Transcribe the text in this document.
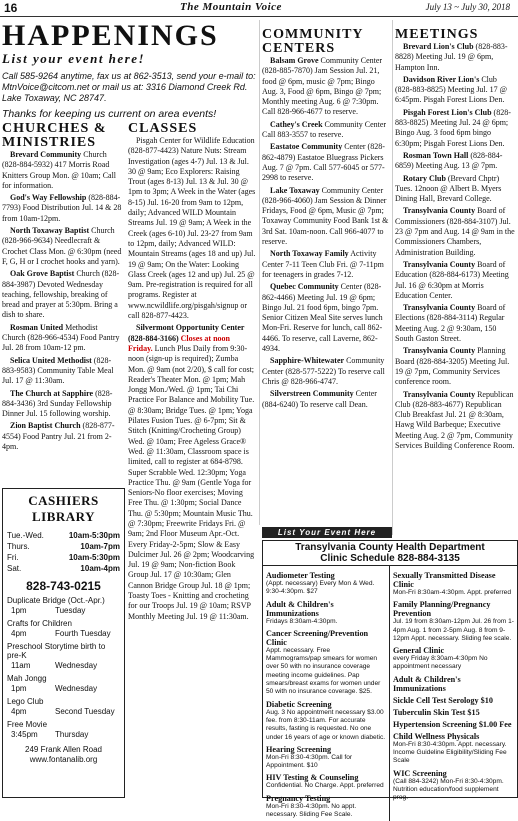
16	The Mountain Voice	July 13 ~ July 30, 2018
HAPPENINGS
List your event here!

Call 585-9264 anytime, fax us at 862-3513, send your e-mail to: MtnVoice@citcom.net or mail us at: 3316 Diamond Creek Rd. Lake Toxaway, NC 28747.

Thanks for keeping us current on area events!

CHURCHES & MINISTRIES

Brevard Community Church (828-884-5932) 417 Morris Road Knitters Group Mon. @ 10am; Call for information.

God's Way Fellowship (828-884-7793) Food Distribution Jul. 14 & 28 from 10am-12pm.

North Toxaway Baptist Church (828-966-9634) Needlecraft & Crochet Class Mon. @ 6:30pm (need F, G, H or I crochet hooks and yarn).

Oak Grove Baptist Church (828-884-3987) Devoted Wednesday teaching, fellowship, breaking of bread and prayer at 5:30pm. Bring a dish to share.

Rosman United Methodist Church (828-966-4534) Food Pantry Jul. 28 from 10am-12 pm.

Selica United Methodist (828-883-9583) Community Table Meal Jul. 17 @ 11:30am.

The Church at Sapphire (828-884-3436) 3rd Sunday Fellowship Dinner Jul. 15 following worship.

Zion Baptist Church (828-877-4554) Food Pantry Jul. 21 from 2-4pm.

CLASSES

Pisgah Center for Wildlife Education (828-877-4423) Nature Nuts: Stream Investigation (ages 4-7) Jul. 13 & Jul. 30 @ 9am; Eco Explorers: Raising Trout (ages 8-13) Jul. 13 & Jul. 30 @ 1pm to 3pm; A Week in the Water (ages 8-15) Jul. 16-20 from 9am to 12pm, daily; Advanced WILD Mountain Streams Jul. 19 @ 9am; A Week in the Creek (ages 6-10) Jul. 23-27 from 9am to 12pm, daily; Advanced WILD: Mountain Streams (ages 18 and up) Jul. 19 @ 9am; On the Water: Looking Glass Creek (ages 12 and up) Jul. 25 @ 9am. Pre-registration is required for all programs. Register at www.ncwildlife.org/pisgah/signup or call 828-877-4423.

Silvermont Opportunity Center (828-884-3166) Closes at noon Friday. Lunch Plus Daily from 9:30-noon (sign-up is required); Zumba Mon. @ 9am (not 2/20), $ call for cost; Reader's Theater Mon. @ 1pm; Mah Jongg Mon./Wed. @ 1pm; Tai Chi Practice For Balance and Mobility Tue. @ 8:30am; Bridge Tues. @ 1pm; Yoga Pilates Fusion Tues. @ 6-7pm; Sit & Stitch (Knitting/Crocheting Group) Wed. @ 10am; Free Ageless Grace® Wed. @ 11:30am, Classroom space is limited, call to register at 684-8798. Super Scrabble Wed. 12:30pm; Yoga Practice Thu. @ 9am (Gentle Yoga for Seniors-No floor exercises; Moving Free Thu. @ 1:30pm; Social Dance Thu. @ 5:30pm; Mountain Music Thu. @ 7:30pm; Freewrite Fridays Fri. @ 9am; 2nd Floor Museum Apr.-Oct. Every Friday-2-5pm; Slow & Easy Dulcimer Jul. 26 @ 2pm; Woodcarving Jul. 19 @ 9am; Non-fiction Book Group Jul. 17 @ 10:30am; Glen Cannon Bridge Group Jul. 18 @ 1pm; Toasty Toes - Knitting and crocheting for our Troops Jul. 19 @ 10am; RSVP Monthly Meeting Jul. 19 @ 11:30am.

COMMUNITY CENTERS

Balsam Grove Community Center (828-885-7870) Jam Session Jul. 21, food @ 6pm, music @ 7pm; Bingo Aug. 3, Food @ 6pm, Bingo @ 7pm; Monthly meeting Aug. 6 @ 7:30pm. Call 828-966-4677 to reserve.

Cathey's Creek Community Center Call 883-3557 to reserve.

Eastatoe Community Center (828-862-4879) Eastatoe Bluegrass Pickers Aug. 7 @ 7pm. Call 577-6045 or 577-2998 to reserve.

Lake Toxaway Community Center (828-966-4060) Jam Session & Dinner Fridays, Food @ 6pm, Music @ 7pm; Toxaway Community Food Bank 1st & 3rd Sat. 10am-noon. Call 966-4077 to reserve.

North Toxaway Family Activity Center 7-11 Teen Club Fri. @ 7-11pm for teenagers in grades 7-12.

Quebec Community Center (828-862-4466) Meeting Jul. 19 @ 6pm; Bingo Jul. 21 food 6pm, bingo 7pm. Senior Citizen Meal Site serves lunch Mon-Fri. Reserve for lunch, call 862-4466. To reserve, call Laverne, 862-4934.

Sapphire-Whitewater Community Center (828-577-5222) To reserve call Chris @ 828-966-4747.

Silverstreen Community Center (884-6240) To reserve call Dean.

List Your Event Here
MEETINGS

Brevard Lion's Club (828-883-8828) Meeting Jul. 19 @ 6pm, Hampton Inn.

Davidson River Lion's Club (828-883-8825) Meeting Jul. 17 @ 6:45pm. Pisgah Forest Lions Den.

Pisgah Forest Lion's Club (828-883-8825) Meeting Jul. 24 @ 6pm; Bingo Aug. 3 food 6pm bingo 6:30pm; Pisgah Forest Lions Den.

Rosman Town Hall (828-884-6859) Meeting Aug. 13 @ 7pm.

Rotary Club (Brevard Chptr) Tues. 12noon @ Albert B. Myers Dining Hall, Brevard College.

Transylvania County Board of Commissioners (828-884-3107) Jul. 23 @ 7pm and Aug. 14 @ 9am in the Commissioners Chambers, Administration Building.

Transylvania County Board of Education (828-884-6173) Meeting Jul. 16 @ 6:30pm at Morris Education Center.

Transylvania County Board of Elections (828-884-3114) Regular Meeting Aug. 2 @ 9:30am, 150 South Gaston Street.

Transylvania County Planning Board (828-884-3205) Meeting Jul. 19 @ 7pm, Community Services conference room.

Transylvania County Republican Club (828-883-4677) Republican Club Breakfast Jul. 21 @ 8:30am, Hawg Wild Barbeque; Executive Meeting Aug. 2 @ 7pm, Community Services Building Conference Room.

CASHIERS LIBRARY
Tue.-Wed.	10am-5:30pm
Thurs.	10am-7pm
Fri.	10am-5:30pm
Sat.	10am-4pm
828-743-0215
Duplicate Bridge (Oct.-Apr.)
1pm	Tuesday
Crafts for Children
4pm	Fourth Tuesday
Preschool Storytime birth to pre-K
11am	Wednesday
Mah Jongg
1pm	Wednesday
Lego Club
4pm	Second Tuesday
Free Movie
3:45pm	Thursday
249 Frank Allen Road
www.fontanalib.org
Transylvania County Health Department
Clinic Schedule 828-884-3135
Audiometer Testing
(Appt. necessary) Every Mon & Wed. 9:30-4:30pm. $27
Adult & Children's Immunizations
Fridays 8:30am-4:30pm.
Cancer Screening/Prevention Clinic
Appt. necessary. Free Mammograms/pap smears for women over 50 with no insurance coverage meeting income guidelines. Pap smears/breast exams for women under 50 with no insurance coverage. $25.
Diabetic Screening
Aug. 3 No appointment necessary $3.00 fee. from 8:30-11am. For accurate results, fasting is requested. No one under 16 years of age or known diabetic.
Hearing Screening
Mon-Fri 8:30-4:30pm. Call for Appointment. $10
HIV Testing & Counseling
Confidential. No Charge. Appt. preferred
Pregnancy Testing
Mon-Fri 8:30-4:30pm. No appt. necessary. Sliding Fee Scale.
Sexually Transmitted Disease Clinic
Mon-Fri 8:30am-4:30pm. Appt. preferred
Family Planning/Pregnancy Prevention
Jul. 19 from 8:30am-12pm Jul. 26 from 1-4pm Aug. 1 from 2-5pm Aug. 8 from 9-12pm Appt. necessary. Sliding fee scale.
General Clinic
every Friday 8:30am-4:30pm No appointment necessary
Adult & Children's Immunizations
Sickle Cell Test Serology $10
Tuberculin Skin Test $15
Hypertension Screening $1.00 Fee
Child Wellness Physicals
Mon-Fri 8:30-4:30pm. Appt. necessary. Income Guideline Eligibility/Sliding Fee Scale
WIC Screening
(Call 884-3242) Mon-Fri 8:30-4:30pm. Nutrition education/food supplement prog.
